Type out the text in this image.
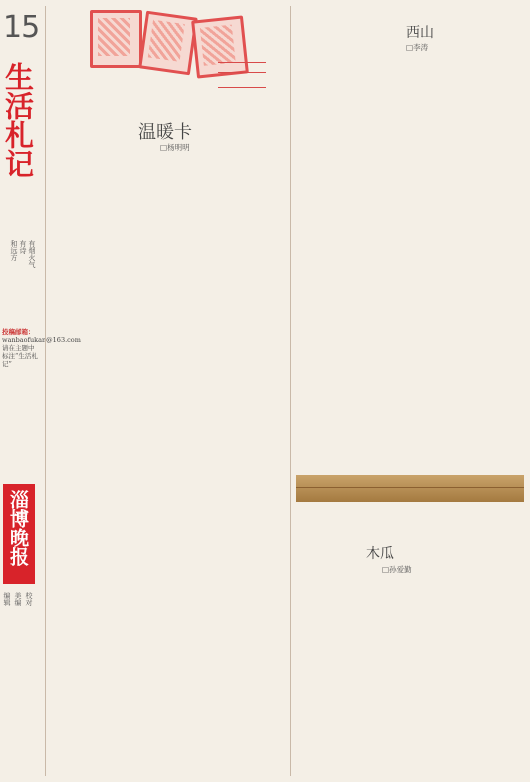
15
生活札记
有烟火气
有诗
和远方
投稿邮箱：
wanbaofukan@163.com
请在主题中标注“生活札记”
淄博晚报
编辑 美编 校对
温暖卡
□杨明明

西山
□李涛

木瓜
□孙爱勤
